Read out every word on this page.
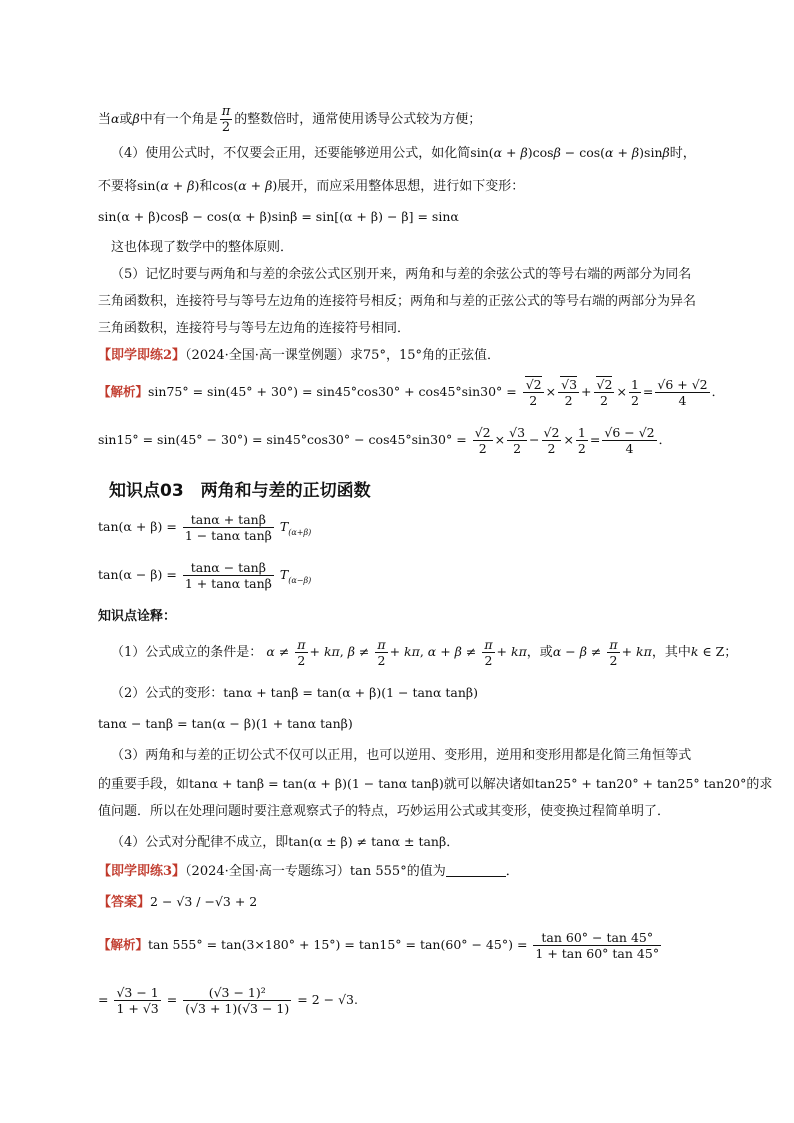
当α或β中有一个角是 $\frac{\pi}{2}$ 的整数倍时，通常使用诱导公式较为方便；
（4）使用公式时，不仅要会正用，还要能够逆用公式，如化简sin(α + β)cosβ − cos(α + β)sinβ时，
不要将sin(α + β)和cos(α + β)展开，而应采用整体思想，进行如下变形：
sin(α + β)cosβ − cos(α + β)sinβ = sin[(α + β) − β] = sinα
这也体现了数学中的整体原则．
（5）记忆时要与两角和与差的余弦公式区别开来，两角和与差的余弦公式的等号右端的两部分为同名
三角函数积，连接符号与等号左边角的连接符号相反；两角和与差的正弦公式的等号右端的两部分为异名
三角函数积，连接符号与等号左边角的连接符号相同．
【即学即练2】（2024·全国·高一课堂例题）求75°，15°角的正弦值．
【解析】$\sin 75^\circ = \sin(45^\circ + 30^\circ) = \sin 45^\circ\cos 30^\circ + \cos 45^\circ\sin 30^\circ = \frac{√2}{2} \times \frac{√3}{2} + \frac{√2}{2} \times \frac{1}{2} = \frac{√6 + √2}{4}$ ．
$\sin 15^\circ = \sin(45^\circ - 30^\circ) = \sin 45^\circ\cos 30^\circ - \cos 45^\circ\sin 30^\circ = \frac{√2}{2} \times \frac{√3}{2} - \frac{√2}{2} \times \frac{1}{2} = \frac{√6 - √2}{4}$ ．
知识点03　两角和与差的正切函数
$\tan(\alpha + \beta) = \frac{\tan\alpha + \tan\beta}{\text{1 − tanα tanβ}} T_{(\alpha+\beta)}$
$\tan(\alpha - \beta) = \frac{\tan\alpha - \tan\beta}{\text{1 + tanα tanβ}} T_{(\alpha-\beta)}$
知识点诠释：
（1）公式成立的条件是： $\alpha \ne \frac{\pi}{2} + k\pi$, $\beta \ne \frac{\pi}{2} + k\pi$, $\alpha + \beta \ne \frac{\pi}{2} + k\pi$，或$\alpha - \beta \ne \frac{\pi}{2} + k\pi$，其中k ∈ Z；
（2）公式的变形：tanα + tanβ = tan(α + β)(1 − tanα tanβ)
tanα − tanβ = tan(α − β)(1 + tanα tanβ)
（3）两角和与差的正切公式不仅可以正用，也可以逆用、变形用，逆用和变形用都是化简三角恒等式
的重要手段，如tanα + tanβ = tan(α + β)(1 − tanα tanβ)就可以解决诸如tan25° + tan20° + tan25° tan20°的求
值问题．所以在处理问题时要注意观察式子的特点，巧妙运用公式或其变形，使变换过程简单明了．
（4）公式对分配律不成立，即tan(α ± β) ≠ tanα ± tanβ．
【即学即练3】（2024·全国·高一专题练习）tan 555°的值为	．
【答案】2 − √3 / −√3 + 2
【解析】$\tan 555^\circ = \tan(3\times 180^\circ + 15^\circ) = \tan 15^\circ = \tan(60^\circ - 45^\circ) = \frac{\tan 60^\circ - \tan 45^\circ}{1 + \tan 60^\circ \tan 45^\circ}$
= $\frac{√3 - 1}{1 + √3} = \frac{\text{(√3 − 1)²}}{(√3 + 1)(√3 - 1)} = 2 - √3$.
